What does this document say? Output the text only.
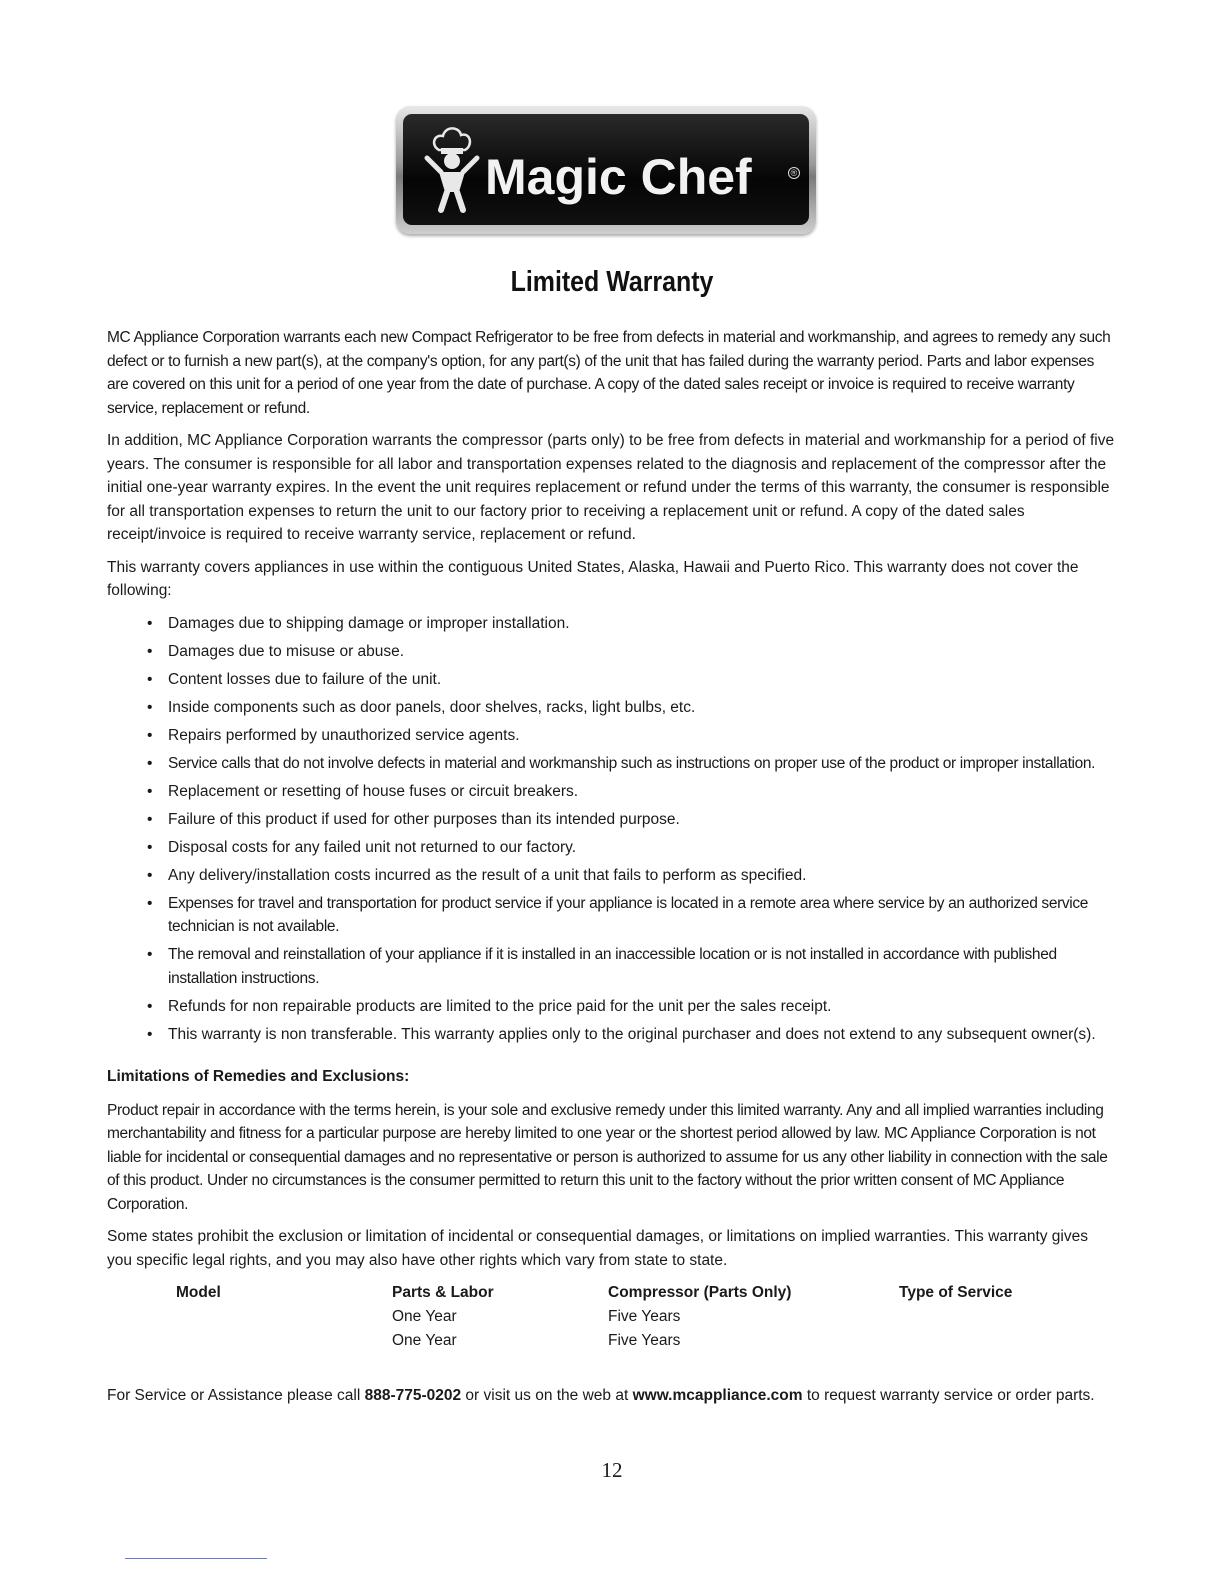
Magic Chef	®
Limited Warranty

MC Appliance Corporation warrants each new Compact Refrigerator to be free from defects in material and workmanship, and agrees to remedy any such defect or to furnish a new part(s), at the company's option, for any part(s) of the unit that has failed during the warranty period. Parts and labor expenses are covered on this unit for a period of one year from the date of purchase. A copy of the dated sales receipt or invoice is required to receive warranty service, replacement or refund.

In addition, MC Appliance Corporation warrants the compressor (parts only) to be free from defects in material and workmanship for a period of five years. The consumer is responsible for all labor and transportation expenses related to the diagnosis and replacement of the compressor after the initial one-year warranty expires. In the event the unit requires replacement or refund under the terms of this warranty, the consumer is responsible for all transportation expenses to return the unit to our factory prior to receiving a replacement unit or refund. A copy of the dated sales receipt/invoice is required to receive warranty service, replacement or refund.

This warranty covers appliances in use within the contiguous United States, Alaska, Hawaii and Puerto Rico. This warranty does not cover the following:

• Damages due to shipping damage or improper installation.
• Damages due to misuse or abuse.
• Content losses due to failure of the unit.
• Inside components such as door panels, door shelves, racks, light bulbs, etc.
• Repairs performed by unauthorized service agents.
• Service calls that do not involve defects in material and workmanship such as instructions on proper use of the product or improper installation.
• Replacement or resetting of house fuses or circuit breakers.
• Failure of this product if used for other purposes than its intended purpose.
• Disposal costs for any failed unit not returned to our factory.
• Any delivery/installation costs incurred as the result of a unit that fails to perform as specified.
• Expenses for travel and transportation for product service if your appliance is located in a remote area where service by an authorized service technician is not available.
• The removal and reinstallation of your appliance if it is installed in an inaccessible location or is not installed in accordance with published installation instructions.
• Refunds for non repairable products are limited to the price paid for the unit per the sales receipt.
• This warranty is non transferable. This warranty applies only to the original purchaser and does not extend to any subsequent owner(s).

Limitations of Remedies and Exclusions:

Product repair in accordance with the terms herein, is your sole and exclusive remedy under this limited warranty. Any and all implied warranties including merchantability and fitness for a particular purpose are hereby limited to one year or the shortest period allowed by law. MC Appliance Corporation is not liable for incidental or consequential damages and no representative or person is authorized to assume for us any other liability in connection with the sale of this product. Under no circumstances is the consumer permitted to return this unit to the factory without the prior written consent of MC Appliance Corporation.

Some states prohibit the exclusion or limitation of incidental or consequential damages, or limitations on implied warranties. This warranty gives you specific legal rights, and you may also have other rights which vary from state to state.

Model	Parts & Labor
One Year
One Year
Compressor (Parts Only)
Five Years
Five Years
Type of Service
For Service or Assistance please call 888-775-0202 or visit us on the web at www.mcappliance.com to request warranty service or order parts.
12
